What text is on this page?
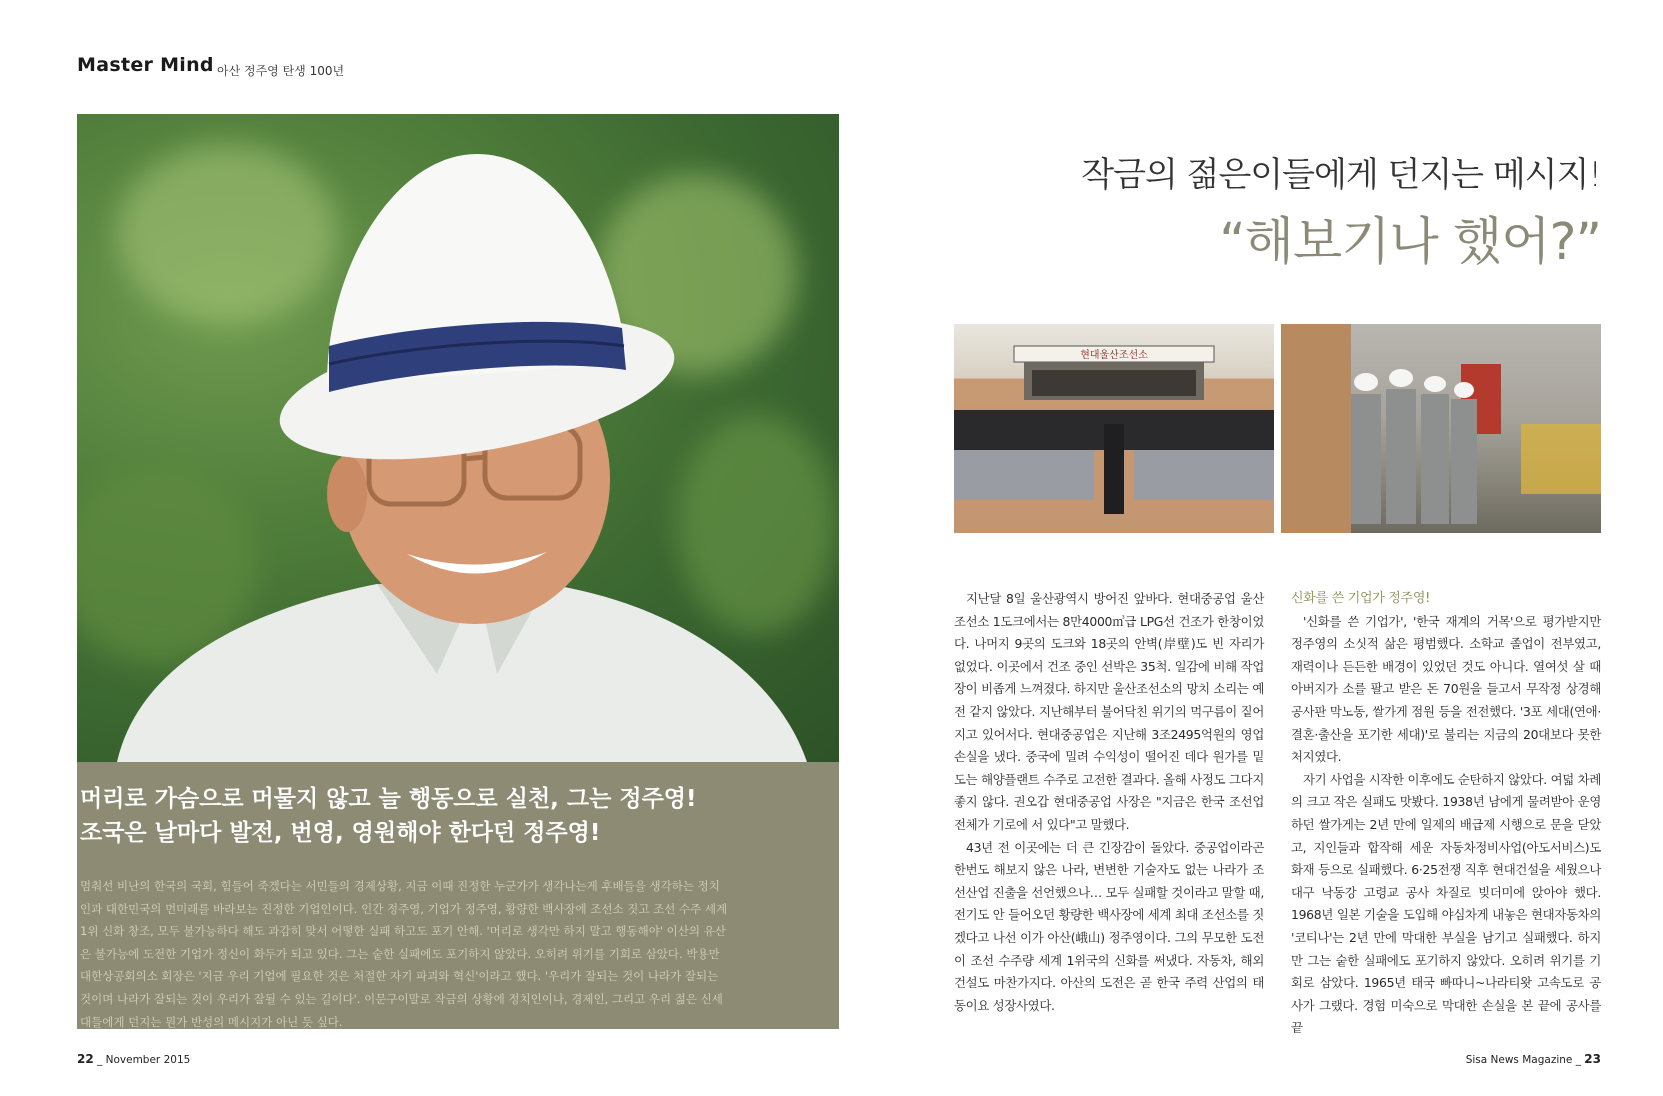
Master Mind 아산 정주영 탄생 100년
머리로 가슴으로 머물지 않고 늘 행동으로 실천, 그는 정주영!
조국은 날마다 발전, 번영, 영원해야 한다던 정주영!
멈춰선 비난의 한국의 국회, 힘들어 죽겠다는 서민들의 경제상황, 지금 이때 진정한 누군가가 생각나는게 후배들을 생각하는 정치인과 대한민국의 먼미래를 바라보는 진정한 기업인이다. 인간 정주영, 기업가 정주영, 황량한 백사장에 조선소 짓고 조선 수주 세계 1위 신화 창조, 모두 불가능하다 해도 과감히 맞서 어떻한 실패 하고도 포기 안해. '머리로 생각만 하지 말고 행동해야' 이산의 유산은 불가능에 도전한 기업가 정신이 화두가 되고 있다. 그는 숱한 실패에도 포기하지 않았다. 오히려 위기를 기회로 삼았다. 박용만 대한상공회의소 회장은 '지금 우리 기업에 필요한 것은 처절한 자기 파괴와 혁신'이라고 했다. '우리가 잘되는 것이 나라가 잘되는 것이며 나라가 잘되는 것이 우리가 잘될 수 있는 길이다'. 이문구이말로 작금의 상황에 정치인이나, 경제인, 그리고 우리 젊은 신세대들에게 던지는 뭔가 반성의 메시지가 아닌 듯 싶다.
작금의 젊은이들에게 던지는 메시지!
“해보기나 했어?”
현대울산조선소

지난달 8일 울산광역시 방어진 앞바다. 현대중공업 울산조선소 1도크에서는 8만4000㎥급 LPG선 건조가 한창이었다. 나머지 9곳의 도크와 18곳의 안벽(岸壁)도 빈 자리가 없었다. 이곳에서 건조 중인 선박은 35척. 일감에 비해 작업장이 비좁게 느껴졌다. 하지만 울산조선소의 망치 소리는 예전 같지 않았다. 지난해부터 불어닥친 위기의 먹구름이 짙어지고 있어서다. 현대중공업은 지난해 3조2495억원의 영업손실을 냈다. 중국에 밀려 수익성이 떨어진 데다 원가를 밑도는 해양플랜트 수주로 고전한 결과다. 올해 사정도 그다지 좋지 않다. 권오갑 현대중공업 사장은 "지금은 한국 조선업 전체가 기로에 서 있다"고 말했다.

43년 전 이곳에는 더 큰 긴장감이 돌았다. 중공업이라곤 한번도 해보지 않은 나라, 변변한 기술자도 없는 나라가 조선산업 진출을 선언했으나… 모두 실패할 것이라고 말할 때, 전기도 안 들어오던 황량한 백사장에 세계 최대 조선소를 짓겠다고 나선 이가 아산(峨山) 정주영이다. 그의 무모한 도전이 조선 수주량 세계 1위국의 신화를 써냈다. 자동차, 해외 건설도 마찬가지다. 아산의 도전은 곧 한국 주력 산업의 태동이요 성장사였다.

신화를 쓴 기업가 정주영!

'신화를 쓴 기업가', '한국 재계의 거목'으로 평가받지만 정주영의 소싯적 삶은 평범했다. 소학교 졸업이 전부였고, 재력이나 든든한 배경이 있었던 것도 아니다. 열여섯 살 때 아버지가 소를 팔고 받은 돈 70원을 들고서 무작정 상경해 공사판 막노동, 쌀가게 점원 등을 전전했다. '3포 세대(연애·결혼·출산을 포기한 세대)'로 불리는 지금의 20대보다 못한 처지였다.

자기 사업을 시작한 이후에도 순탄하지 않았다. 여덟 차례의 크고 작은 실패도 맛봤다. 1938년 남에게 물려받아 운영하던 쌀가게는 2년 만에 일제의 배급제 시행으로 문을 닫았고, 지인들과 합작해 세운 자동차정비사업(아도서비스)도 화재 등으로 실패했다. 6·25전쟁 직후 현대건설을 세웠으나 대구 낙동강 고령교 공사 차질로 빚더미에 앉아야 했다. 1968년 일본 기술을 도입해 야심차게 내놓은 현대자동차의 '코티나'는 2년 만에 막대한 부실을 남기고 실패했다. 하지만 그는 숱한 실패에도 포기하지 않았다. 오히려 위기를 기회로 삼았다. 1965년 태국 빠따니~나라티왓 고속도로 공사가 그랬다. 경험 미숙으로 막대한 손실을 본 끝에 공사를 끝

22 _ November 2015	Sisa News Magazine _ 23
